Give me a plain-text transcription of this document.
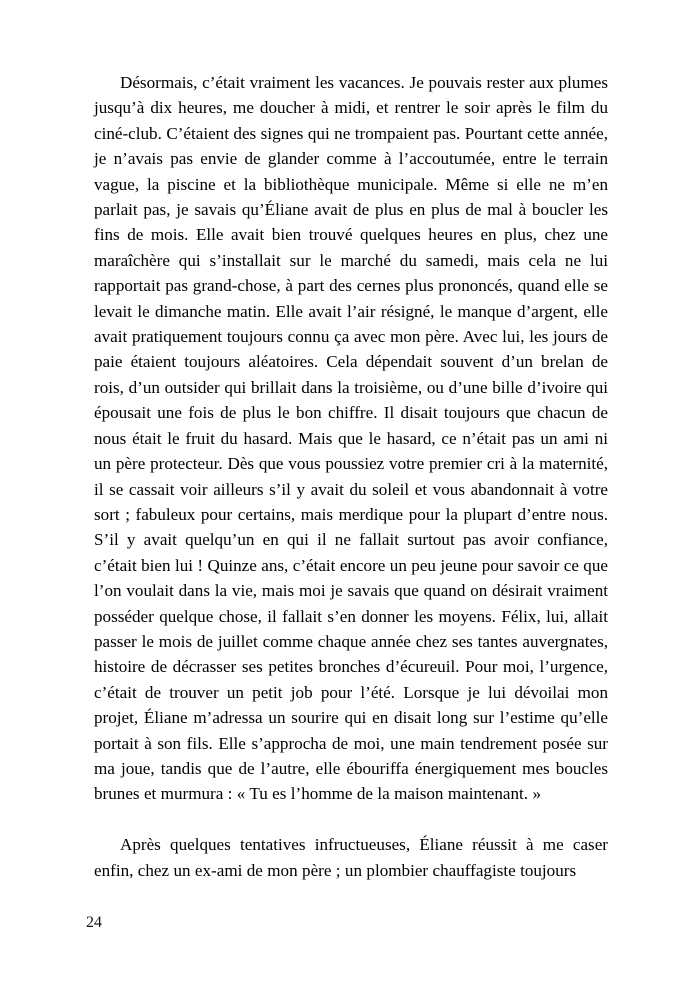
Désormais, c’était vraiment les vacances. Je pouvais rester aux plumes jusqu’à dix heures, me doucher à midi, et rentrer le soir après le film du ciné-club. C’étaient des signes qui ne trompaient pas. Pourtant cette année, je n’avais pas envie de glander comme à l’accoutumée, entre le terrain vague, la piscine et la bibliothèque municipale. Même si elle ne m’en parlait pas, je savais qu’Éliane avait de plus en plus de mal à boucler les fins de mois. Elle avait bien trouvé quelques heures en plus, chez une maraîchère qui s’installait sur le marché du samedi, mais cela ne lui rapportait pas grand-chose, à part des cernes plus prononcés, quand elle se levait le dimanche matin. Elle avait l’air résigné, le manque d’argent, elle avait pratiquement toujours connu ça avec mon père. Avec lui, les jours de paie étaient toujours aléatoires. Cela dépendait souvent d’un brelan de rois, d’un outsider qui brillait dans la troisième, ou d’une bille d’ivoire qui épousait une fois de plus le bon chiffre. Il disait toujours que chacun de nous était le fruit du hasard. Mais que le hasard, ce n’était pas un ami ni un père protecteur. Dès que vous poussiez votre premier cri à la maternité, il se cassait voir ailleurs s’il y avait du soleil et vous abandonnait à votre sort ; fabuleux pour certains, mais merdique pour la plupart d’entre nous. S’il y avait quelqu’un en qui il ne fallait surtout pas avoir confiance, c’était bien lui ! Quinze ans, c’était encore un peu jeune pour savoir ce que l’on voulait dans la vie, mais moi je savais que quand on désirait vraiment posséder quelque chose, il fallait s’en donner les moyens. Félix, lui, allait passer le mois de juillet comme chaque année chez ses tantes auvergnates, histoire de décrasser ses petites bronches d’écureuil. Pour moi, l’urgence, c’était de trouver un petit job pour l’été. Lorsque je lui dévoilai mon projet, Éliane m’adressa un sourire qui en disait long sur l’estime qu’elle portait à son fils. Elle s’approcha de moi, une main tendrement posée sur ma joue, tandis que de l’autre, elle ébouriffa énergiquement mes boucles brunes et murmura : « Tu es l’homme de la maison maintenant. »

Après quelques tentatives infructueuses, Éliane réussit à me caser enfin, chez un ex-ami de mon père ; un plombier chauffagiste toujours

24
